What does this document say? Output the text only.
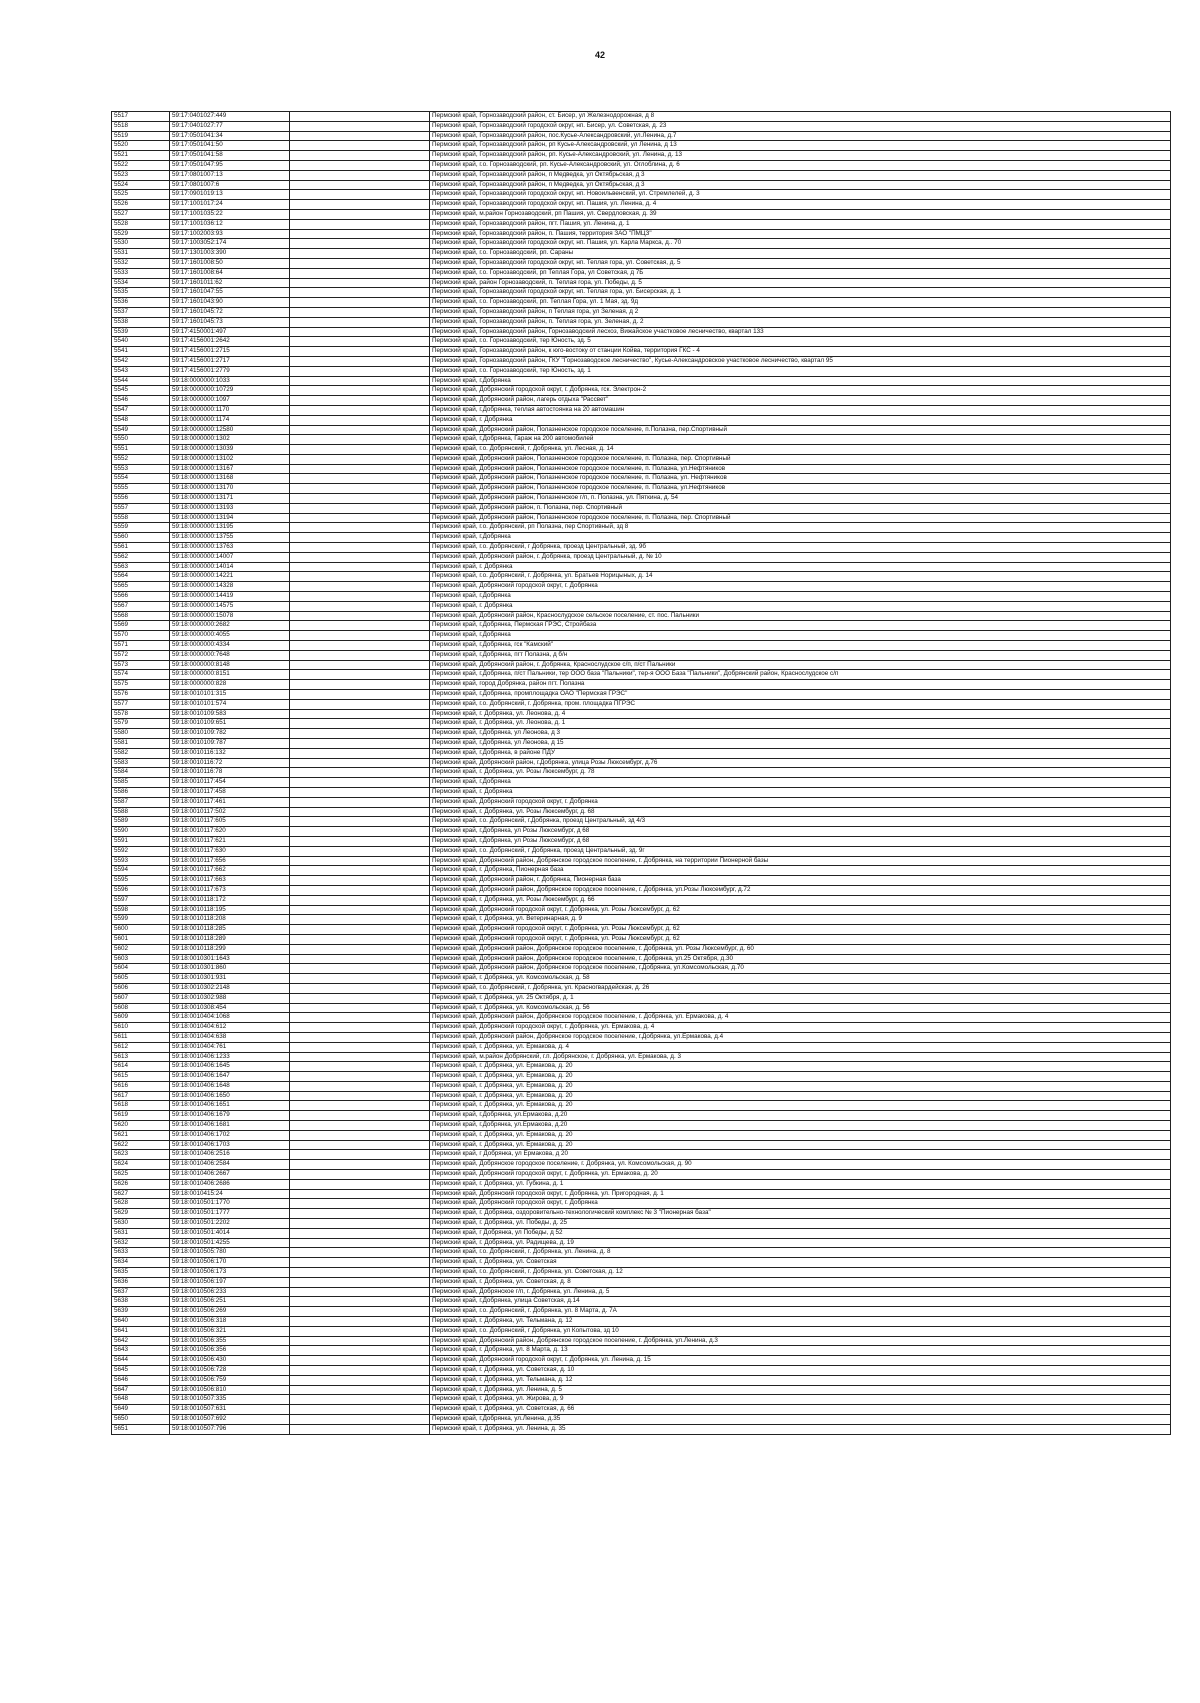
42
5517	59:17:0401027:449		Пермский край, Горнозаводский район, ст. Бисер, ул Железнодорожная, д 8
5518	59:17:0401027:77		Пермский край, Горнозаводский городской округ, нп. Бисер, ул. Советская, д. 23
5519	59:17:0501041:34		Пермский край, Горнозаводский район, пос.Кусье-Александровский, ул.Ленина, д.7
5520	59:17:0501041:50		Пермский край, Горнозаводский район, рп Кусье-Александровский, ул Ленина, д 13
5521	59:17:0501041:58		Пермский край, Горнозаводский район, рп. Кусье-Александровский, ул. Ленина, д. 13
5522	59:17:0501047:95		Пермский край, г.о. Горнозаводский, рп. Кусье-Александровский, ул. Оглоблина, д. 6
5523	59:17:0801007:13		Пермский край, Горнозаводский район, п Медведка, ул Октябрьская, д 3
5524	59:17:0801007:6		Пермский край, Горнозаводский район, п Медведка, ул Октябрьская, д 3
5525	59:17:0901019:13		Пермский край, Горнозаводский городской округ, нп. Новоильвенский, ул. Стремлелей, д. 3
5526	59:17:1001017:24		Пермский край, Горнозаводский городской округ, нп. Пашия, ул. Ленина, д. 4
5527	59:17:1001035:22		Пермский край, м.район Горнозаводский, рп Пашия, ул. Свердловская, д. 39
5528	59:17:1001036:12		Пермский край, Горнозаводский район, пгт. Пашия, ул. Ленина, д. 1
5529	59:17:1002003:93		Пермский край, Горнозаводский район, п. Пашия, территория ЗАО "ПМЦЗ"
5530	59:17:1003052:174		Пермский край, Горнозаводский городской округ, нп. Пашия, ул. Карла Маркса, д.. 70
5531	59:17:1301003:390		Пермский край, г.о. Горнозаводский, рп. Сараны
5532	59:17:1601008:50		Пермский край, Горнозаводский городской округ, нп. Теплая гора, ул. Советская, д. 5
5533	59:17:1601008:64		Пермский край, г.о. Горнозаводский, рп Теплая Гора, ул Советская, д 7Б
5534	59:17:1601011:62		Пермский край, район Горнозаводский, п. Теплая гора, ул. Победы, д. 5
5535	59:17:1601047:55		Пермский край, Горнозаводский городской округ, нп. Теплая гора, ул. Бисерская, д. 1
5536	59:17:1601043:90		Пермский край, г.о. Горнозаводский, рп. Теплая Гора, ул. 1 Мая, зд. 9д
5537	59:17:1601045:72		Пермский край, Горнозаводский район, п Теплая гора, ул Зеленая, д 2
5538	59:17:1601045:73		Пермский край, Горнозаводский район, п. Теплая гора, ул. Зеленая, д. 2
5539	59:17:4150001:497		Пермский край, Горнозаводский район, Горнозаводский лесхоз, Вижайское участковое лесничество, квартал 133
5540	59:17:4156001:2642		Пермский край, г.о. Горнозаводский, тер Юность, зд. 5
5541	59:17:4156001:2715		Пермский край, Горнозаводский район, к юго-востоку от станции Койва, территория ГКС - 4
5542	59:17:4156001:2717		Пермский край, Горнозаводский район, ГКУ "Горнозаводское лесничество", Кусье-Александровское участковое лесничество, квартал 95
5543	59:17:4156001:2779		Пермский край, г.о. Горнозаводский, тер Юность, зд. 1
5544	59:18:0000000:1033		Пермский край, г.Добрянка
5545	59:18:0000000:10729		Пермский край, Добрянский городской округ, г. Добрянка, гск. Электрон-2
5546	59:18:0000000:1097		Пермский край, Добрянский район, лагерь отдыха "Рассвет"
5547	59:18:0000000:1170		Пермский край, г.Добрянка, теплая автостоянка на 20 автомашин
5548	59:18:0000000:1174		Пермский край, г. Добрянка
5549	59:18:0000000:12580		Пермский край, Добрянский район, Полазненское городское поселение, п.Полазна, пер.Спортивный
5550	59:18:0000000:1302		Пермский край, г.Добрянка, Гараж на 200 автомобилей
5551	59:18:0000000:13039		Пермский край, г.о. Добрянский, г. Добрянка, ул. Лесная, д. 14
5552	59:18:0000000:13102		Пермский край, Добрянский район, Полазненское городское поселение, п. Полазна, пер. Спортивный
5553	59:18:0000000:13167		Пермский край, Добрянский район, Полазненское городское поселение, п. Полазна, ул.Нефтяников
5554	59:18:0000000:13168		Пермский край, Добрянский район, Полазненское городское поселение, п. Полазна, ул. Нефтяников
5555	59:18:0000000:13170		Пермский край, Добрянский район, Полазненское городское поселение, п. Полазна, ул.Нефтяников
5556	59:18:0000000:13171		Пермский край, Добрянский район, Полазненское г/п, п. Полазна, ул. Пяткина, д. 54
5557	59:18:0000000:13193		Пермский край, Добрянский район, п. Полазна, пер. Спортивный
5558	59:18:0000000:13194		Пермский край, Добрянский район, Полазненское городское поселение, п. Полазна, пер. Спортивный
5559	59:18:0000000:13195		Пермский край, г.о. Добрянский, рп Полазна, пер Спортивный, зд 8
5560	59:18:0000000:13755		Пермский край, г.Добрянка
5561	59:18:0000000:13763		Пермский край, г.о. Добрянский, г Добрянка, проезд Центральный, зд. 9б
5562	59:18:0000000:14007		Пермский край, Добрянский район, г. Добрянка, проезд Центральный, д. № 10
5563	59:18:0000000:14014		Пермский край, г. Добрянка
5564	59:18:0000000:14221		Пермский край, г.о. Добрянский, г. Добрянка, ул. Братьев Норицыных, д. 14
5565	59:18:0000000:14328		Пермский край, Добрянский городской округ, г. Добрянка
5566	59:18:0000000:14419		Пермский край, г.Добрянка
5567	59:18:0000000:14575		Пермский край, г. Добрянка
5568	59:18:0000000:15078		Пермский край, Добрянский район, Краснослудское сельское поселение, ст. пос. Пальники
5569	59:18:0000000:2682		Пермский край, г.Добрянка, Пермская ГРЭС, Стройбаза
5570	59:18:0000000:4055		Пермский край, г.Добрянка
5571	59:18:0000000:4334		Пермский край, г.Добрянка, гск "Камский"
5572	59:18:0000000:7648		Пермский край, г.Добрянка, пгт Полазна, д б/н
5573	59:18:0000000:8148		Пермский край, Добрянский район, г. Добрянка, Краснослудское с/п, п/ст Пальники
5574	59:18:0000000:8151		Пермский край, г.Добрянка, п/ст Пальники, тер ООО база "Пальники", тер-я ООО База "Пальники", Добрянский район, Краснослудское с/п
5575	59:18:0000000:828		Пермский край, город Добрянка, район пгт. Полазна
5576	59:18:0010101:315		Пермский край, г.Добрянка, промплощадка ОАО "Пермская ГРЭС"
5577	59:18:0010101:574		Пермский край, г.о. Добрянский, г. Добрянка, пром. площадка ПГРЭС
5578	59:18:0010109:583		Пермский край, г. Добрянка, ул. Леонова, д. 4
5579	59:18:0010109:651		Пермский край, г. Добрянка, ул. Леонова, д. 1
5580	59:18:0010109:782		Пермский край, г.Добрянка, ул Леонова, д 3
5581	59:18:0010109:787		Пермский край, г.Добрянка, ул Леонова, д 15
5582	59:18:0010116:132		Пермский край, г.Добрянка, в районе ПДУ
5583	59:18:0010116:72		Пермский край, Добрянский район, г.Добрянка, улица Розы Люксембург, д.76
5584	59:18:0010116:78		Пермский край, г. Добрянка, ул. Розы Люксембург, д. 78
5585	59:18:0010117:454		Пермский край, г.Добрянка
5586	59:18:0010117:458		Пермский край, г. Добрянка
5587	59:18:0010117:461		Пермский край, Добрянский городской округ, г. Добрянка
5588	59:18:0010117:502		Пермский край, г. Добрянка, ул. Розы Люксембург, д. 68
5589	59:18:0010117:605		Пермский край, г.о. Добрянский, г.Добрянка, проезд Центральный, зд 4/3
5590	59:18:0010117:620		Пермский край, г.Добрянка, ул Розы Люксембург, д 68
5591	59:18:0010117:621		Пермский край, г.Добрянка, ул Розы Люксембург, д 68
5592	59:18:0010117:630		Пермский край, г.о. Добрянский, г Добрянка, проезд Центральный, зд. 9г
5593	59:18:0010117:656		Пермский край, Добрянский район, Добрянское городское поселение, г. Добрянка, на территории Пионерной базы
5594	59:18:0010117:662		Пермский край, г. Добрянка, Пионерная база
5595	59:18:0010117:663		Пермский край, Добрянский район, г. Добрянка, Пионерная база
5596	59:18:0010117:673		Пермский край, Добрянский район, Добрянское городское поселение, г. Добрянка, ул.Розы Люксембург, д.72
5597	59:18:0010118:172		Пермский край, г. Добрянка, ул. Розы Люксембург, д. 66
5598	59:18:0010118:195		Пермский край, Добрянский городской округ, г. Добрянка, ул. Розы Люксембург, д. 62
5599	59:18:0010118:208		Пермский край, г. Добрянка, ул. Ветеринарная, д. 9
5600	59:18:0010118:285		Пермский край, Добрянский городской округ, г. Добрянка, ул. Розы Люксембург, д. 62
5601	59:18:0010118:289		Пермский край, Добрянский городской округ, г. Добрянка, ул. Розы Люксембург, д. 62
5602	59:18:0010118:299		Пермский край, Добрянский район, Добрянское городское поселение, г. Добрянка, ул. Розы Люксембург, д. 60
5603	59:18:0010301:1643		Пермский край, Добрянский район, Добрянское городское поселение, г. Добрянка, ул.25 Октября, д.30
5604	59:18:0010301:860		Пермский край, Добрянский район, Добрянское городское поселение, г.Добрянка, ул.Комсомольская, д.70
5605	59:18:0010301:931		Пермский край, г. Добрянка, ул. Комсомольская, д. 58
5606	59:18:0010302:2148		Пермский край, г.о. Добрянский, г. Добрянка, ул. Красногвардейская, д. 26
5607	59:18:0010302:988		Пермский край, г. Добрянка, ул. 25 Октября, д. 1
5608	59:18:0010308:454		Пермский край, г. Добрянка, ул. Комсомольская, д. 56
5609	59:18:0010404:1068		Пермский край, Добрянский район, Добрянское городское поселение, г. Добрянка, ул. Ермакова, д. 4
5610	59:18:0010404:612		Пермский край, Добрянский городской округ, г. Добрянка, ул. Ермакова, д. 4
5611	59:18:0010404:638		Пермский край, Добрянский район, Добрянское городское поселение, г.Добрянка, ул.Ермакова, д.4
5612	59:18:0010404:761		Пермский край, г. Добрянка, ул. Ермакова, д. 4
5613	59:18:0010406:1233		Пермский край, м.район Добрянский, г.п. Добрянское, г. Добрянка, ул. Ермакова, д. 3
5614	59:18:0010406:1645		Пермский край, г. Добрянка, ул. Ермакова, д. 20
5615	59:18:0010406:1647		Пермский край, г. Добрянка, ул. Ермакова, д. 20
5616	59:18:0010406:1648		Пермский край, г. Добрянка, ул. Ермакова, д. 20
5617	59:18:0010406:1650		Пермский край, г. Добрянка, ул. Ермакова, д. 20
5618	59:18:0010406:1651		Пермский край, г. Добрянка, ул. Ермакова, д. 20
5619	59:18:0010406:1679		Пермский край, г.Добрянка, ул.Ермакова, д.20
5620	59:18:0010406:1681		Пермский край, г.Добрянка, ул.Ермакова, д.20
5621	59:18:0010406:1702		Пермский край, г. Добрянка, ул. Ермакова, д. 20
5622	59:18:0010406:1703		Пермский край, г. Добрянка, ул. Ермакова, д. 20
5623	59:18:0010406:2516		Пермский край, г Добрянка, ул Ермакова, д 20
5624	59:18:0010406:2584		Пермский край, Добрянское городское поселение, г. Добрянка, ул. Комсомольская, д. 90
5625	59:18:0010406:2667		Пермский край, Добрянский городской округ, г. Добрянка, ул. Ермакова, д. 20
5626	59:18:0010406:2686		Пермский край, г. Добрянка, ул. Губкина, д. 1
5627	59:18:0010415:24		Пермский край, Добрянский городской округ, г. Добрянка, ул. Пригородная, д. 1
5628	59:18:0010501:1770		Пермский край, Добрянский городской округ, г. Добрянка
5629	59:18:0010501:1777		Пермский край, г. Добрянка, оздоровительно-технологический комплекс № 3 "Пионерная база"
5630	59:18:0010501:2202		Пермский край, г. Добрянка, ул. Победы, д. 25
5631	59:18:0010501:4014		Пермский край, г Добрянка, ул Победы, д 52
5632	59:18:0010501:4255		Пермский край, г. Добрянка, ул. Радищева, д. 19
5633	59:18:0010505:780		Пермский край, г.о. Добрянский, г. Добрянка, ул. Ленина, д. 8
5634	59:18:0010506:170		Пермский край, г. Добрянка, ул. Советская
5635	59:18:0010506:173		Пермский край, г.о. Добрянский, г. Добрянка, ул. Советская, д. 12
5636	59:18:0010506:197		Пермский край, г. Добрянка, ул. Советская, д. 8
5637	59:18:0010506:233		Пермский край, Добрянское г/п, г. Добрянка, ул. Ленина, д. 5
5638	59:18:0010506:251		Пермский край, г.Добрянка, улица Советская, д.14
5639	59:18:0010506:269		Пермский край, г.о. Добрянский, г. Добрянка, ул. 8 Марта, д. 7А
5640	59:18:0010506:318		Пермский край, г. Добрянка, ул. Тельмана, д. 12
5641	59:18:0010506:321		Пермский край, г.о. Добрянский, г Добрянка, ул Копытова, зд 10
5642	59:18:0010506:355		Пермский край, Добрянский район, Добрянское городское поселение, г. Добрянка, ул.Ленина, д.3
5643	59:18:0010506:356		Пермский край, г. Добрянка, ул. 8 Марта, д. 13
5644	59:18:0010506:430		Пермский край, Добрянский городской округ, г. Добрянка, ул. Ленина, д. 15
5645	59:18:0010506:728		Пермский край, г. Добрянка, ул. Советская, д. 10
5646	59:18:0010506:759		Пермский край, г. Добрянка, ул. Тельмана, д. 12
5647	59:18:0010506:810		Пермский край, г. Добрянка, ул. Ленина, д. 5
5648	59:18:0010507:335		Пермский край, г. Добрянка, ул. Жирова, д. 9
5649	59:18:0010507:631		Пермский край, г. Добрянка, ул. Советская, д. 66
5650	59:18:0010507:692		Пермский край, г.Добрянка, ул.Ленина, д.35
5651	59:18:0010507:796		Пермский край, г. Добрянка, ул. Ленина, д. 35
